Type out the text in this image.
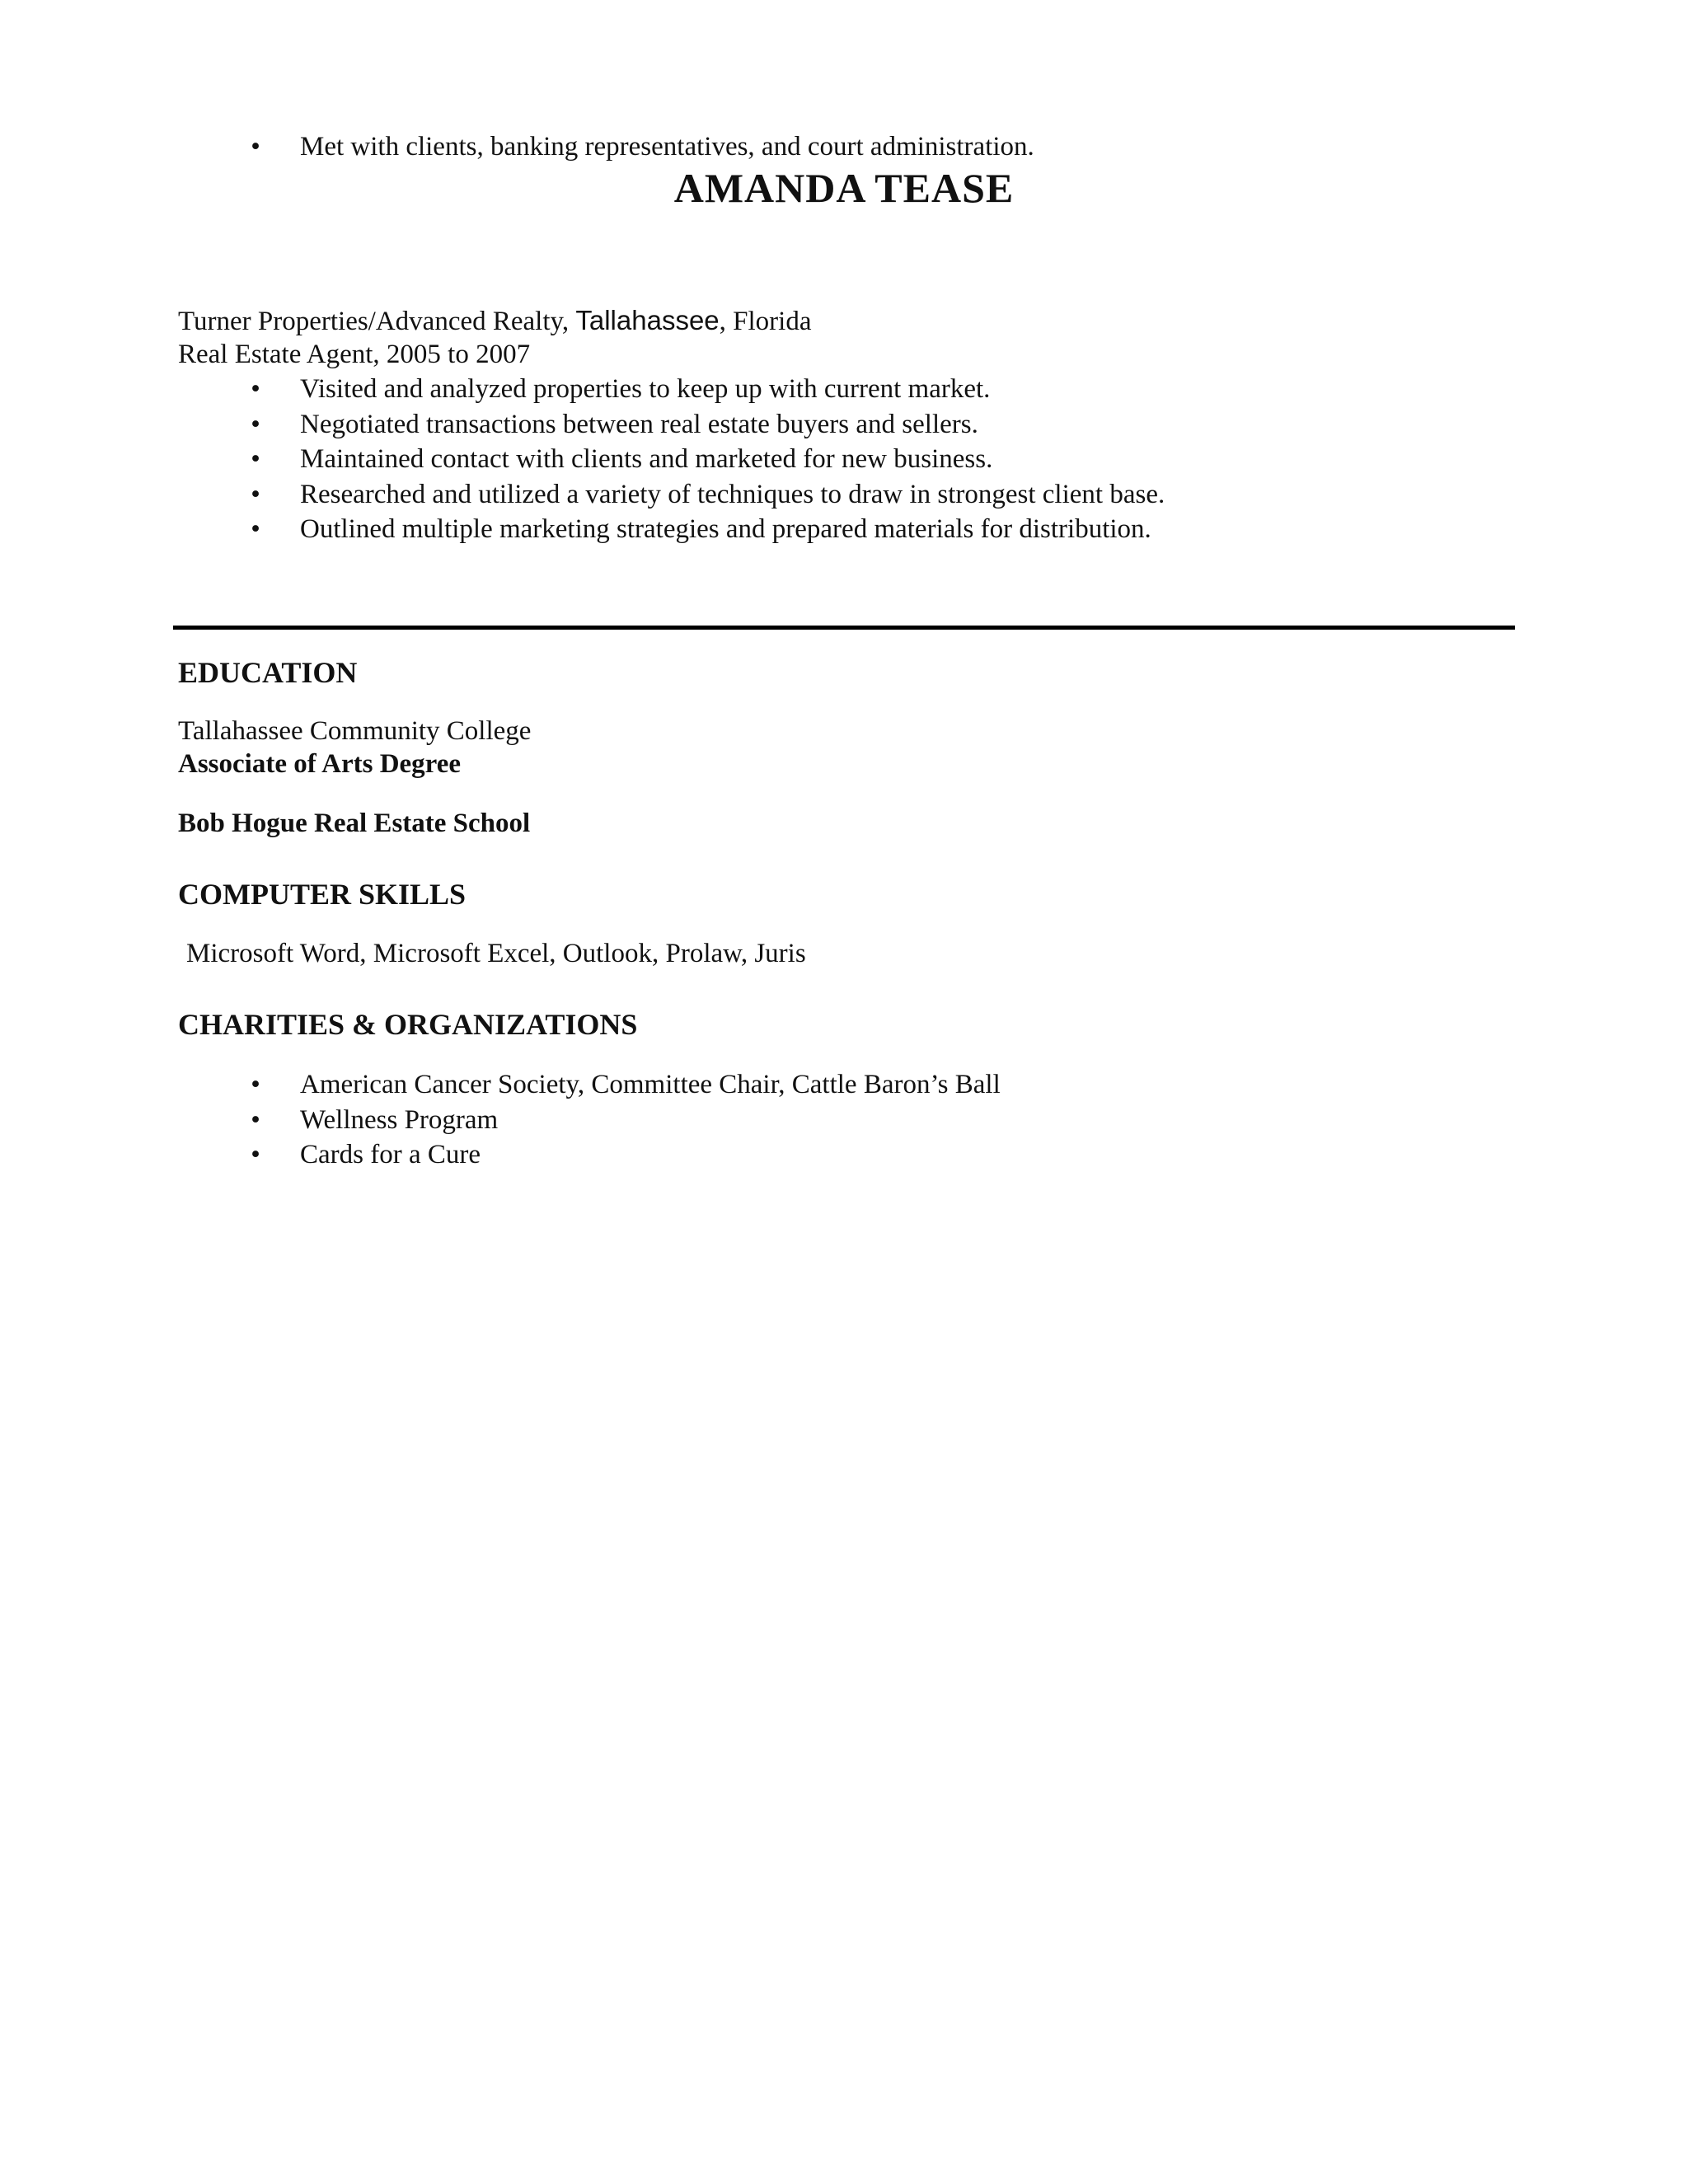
• Met with clients, banking representatives, and court administration.
AMANDA TEASE
Turner Properties/Advanced Realty, Tallahassee, Florida
Real Estate Agent, 2005 to 2007
• Visited and analyzed properties to keep up with current market.
• Negotiated transactions between real estate buyers and sellers.
• Maintained contact with clients and marketed for new business.
• Researched and utilized a variety of techniques to draw in strongest client base.
• Outlined multiple marketing strategies and prepared materials for distribution.
EDUCATION
Tallahassee Community College
Associate of Arts Degree
Bob Hogue Real Estate School
COMPUTER SKILLS
Microsoft Word, Microsoft Excel, Outlook, Prolaw, Juris
CHARITIES & ORGANIZATIONS
• American Cancer Society, Committee Chair, Cattle Baron’s Ball
• Wellness Program
• Cards for a Cure
